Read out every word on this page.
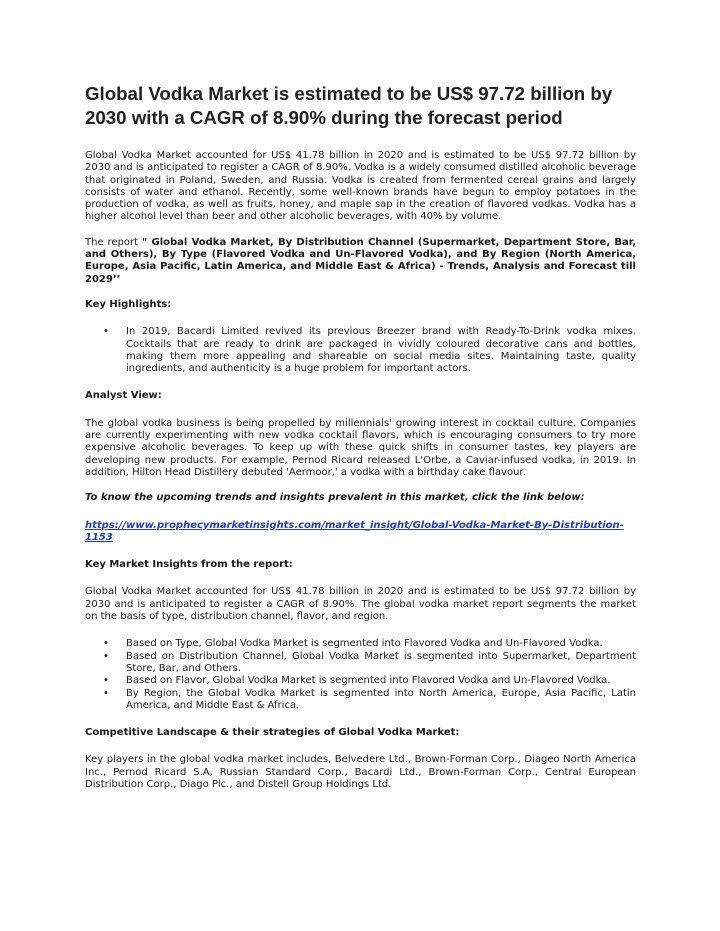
Global Vodka Market is estimated to be US$ 97.72 billion by 2030 with a CAGR of 8.90% during the forecast period

Global Vodka Market accounted for US$ 41.78 billion in 2020 and is estimated to be US$ 97.72 billion by 2030 and is anticipated to register a CAGR of 8.90%. Vodka is a widely consumed distilled alcoholic beverage that originated in Poland, Sweden, and Russia. Vodka is created from fermented cereal grains and largely consists of water and ethanol. Recently, some well-known brands have begun to employ potatoes in the production of vodka, as well as fruits, honey, and maple sap in the creation of flavored vodkas. Vodka has a higher alcohol level than beer and other alcoholic beverages, with 40% by volume.

The report " Global Vodka Market, By Distribution Channel (Supermarket, Department Store, Bar, and Others), By Type (Flavored Vodka and Un-Flavored Vodka), and By Region (North America, Europe, Asia Pacific, Latin America, and Middle East & Africa) - Trends, Analysis and Forecast till 2029’’

Key Highlights:

• In 2019, Bacardi Limited revived its previous Breezer brand with Ready-To-Drink vodka mixes. Cocktails that are ready to drink are packaged in vividly coloured decorative cans and bottles, making them more appealing and shareable on social media sites. Maintaining taste, quality ingredients, and authenticity is a huge problem for important actors.

Analyst View:

The global vodka business is being propelled by millennials' growing interest in cocktail culture. Companies are currently experimenting with new vodka cocktail flavors, which is encouraging consumers to try more expensive alcoholic beverages. To keep up with these quick shifts in consumer tastes, key players are developing new products. For example, Pernod Ricard released L'Orbe, a Caviar-infused vodka, in 2019. In addition, Hilton Head Distillery debuted 'Aermoor,' a vodka with a birthday cake flavour.

To know the upcoming trends and insights prevalent in this market, click the link below:

https://www.prophecymarketinsights.com/market_insight/Global-Vodka-Market-By-Distribution-1153

Key Market Insights from the report:

Global Vodka Market accounted for US$ 41.78 billion in 2020 and is estimated to be US$ 97.72 billion by 2030 and is anticipated to register a CAGR of 8.90%. The global vodka market report segments the market on the basis of type, distribution channel, flavor, and region.

• Based on Type, Global Vodka Market is segmented into Flavored Vodka and Un-Flavored Vodka.
• Based on Distribution Channel, Global Vodka Market is segmented into Supermarket, Department Store, Bar, and Others.
• Based on Flavor, Global Vodka Market is segmented into Flavored Vodka and Un-Flavored Vodka.
• By Region, the Global Vodka Market is segmented into North America, Europe, Asia Pacific, Latin America, and Middle East & Africa.

Competitive Landscape & their strategies of Global Vodka Market:

Key players in the global vodka market includes, Belvedere Ltd., Brown-Forman Corp., Diageo North America Inc., Pernod Ricard S.A, Russian Standard Corp., Bacardi Ltd., Brown-Forman Corp., Central European Distribution Corp., Diago Plc., and Distell Group Holdings Ltd.
